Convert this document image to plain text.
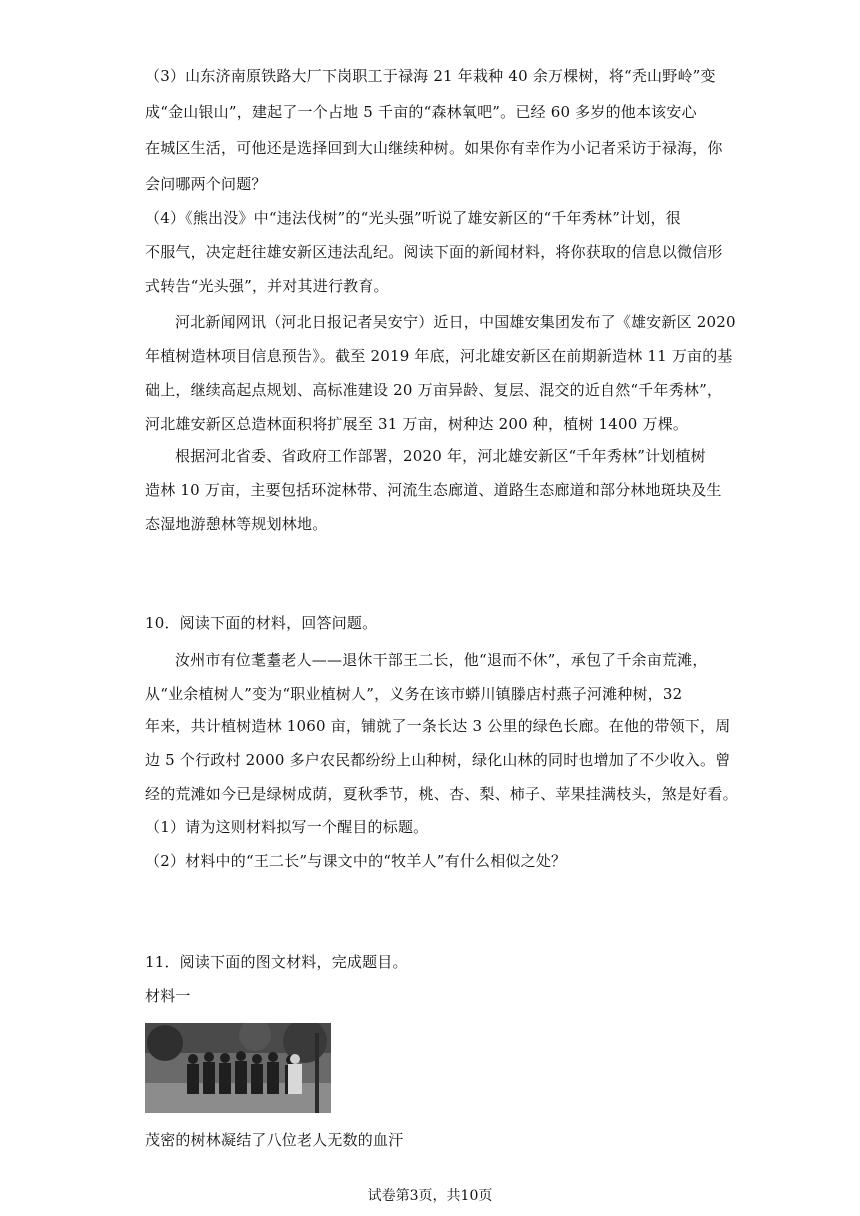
（3）山东济南原铁路大厂下岗职工于禄海 21 年栽种 40 余万棵树，将“秃山野岭”变
成“金山银山”，建起了一个占地 5 千亩的“森林氧吧”。已经 60 多岁的他本该安心
在城区生活，可他还是选择回到大山继续种树。如果你有幸作为小记者采访于禄海，你
会问哪两个问题？
（4）《熊出没》中“违法伐树”的“光头强”听说了雄安新区的“千年秀林”计划，很
不服气，决定赶往雄安新区违法乱纪。阅读下面的新闻材料，将你获取的信息以微信形
式转告“光头强”，并对其进行教育。
河北新闻网讯（河北日报记者吴安宁）近日，中国雄安集团发布了《雄安新区 2020
年植树造林项目信息预告》。截至 2019 年底，河北雄安新区在前期新造林 11 万亩的基
础上，继续高起点规划、高标准建设 20 万亩异龄、复层、混交的近自然“千年秀林”，
河北雄安新区总造林面积将扩展至 31 万亩，树种达 200 种，植树 1400 万棵。
根据河北省委、省政府工作部署，2020 年，河北雄安新区“千年秀林”计划植树
造林 10 万亩，主要包括环淀林带、河流生态廊道、道路生态廊道和部分林地斑块及生
态湿地游憩林等规划林地。
10．阅读下面的材料，回答问题。
汝州市有位耄耋老人——退休干部王二长，他“退而不休”，承包了千余亩荒滩，
从“业余植树人”变为“职业植树人”，义务在该市蟒川镇滕店村燕子河滩种树，32
年来，共计植树造林 1060 亩，铺就了一条长达 3 公里的绿色长廊。在他的带领下，周
边 5 个行政村 2000 多户农民都纷纷上山种树，绿化山林的同时也增加了不少收入。曾
经的荒滩如今已是绿树成荫，夏秋季节，桃、杏、梨、柿子、苹果挂满枝头，煞是好看。
（1）请为这则材料拟写一个醒目的标题。
（2）材料中的“王二长”与课文中的“牧羊人”有什么相似之处？
11．阅读下面的图文材料，完成题目。
材料一
茂密的树林凝结了八位老人无数的血汗
试卷第3页，共10页
